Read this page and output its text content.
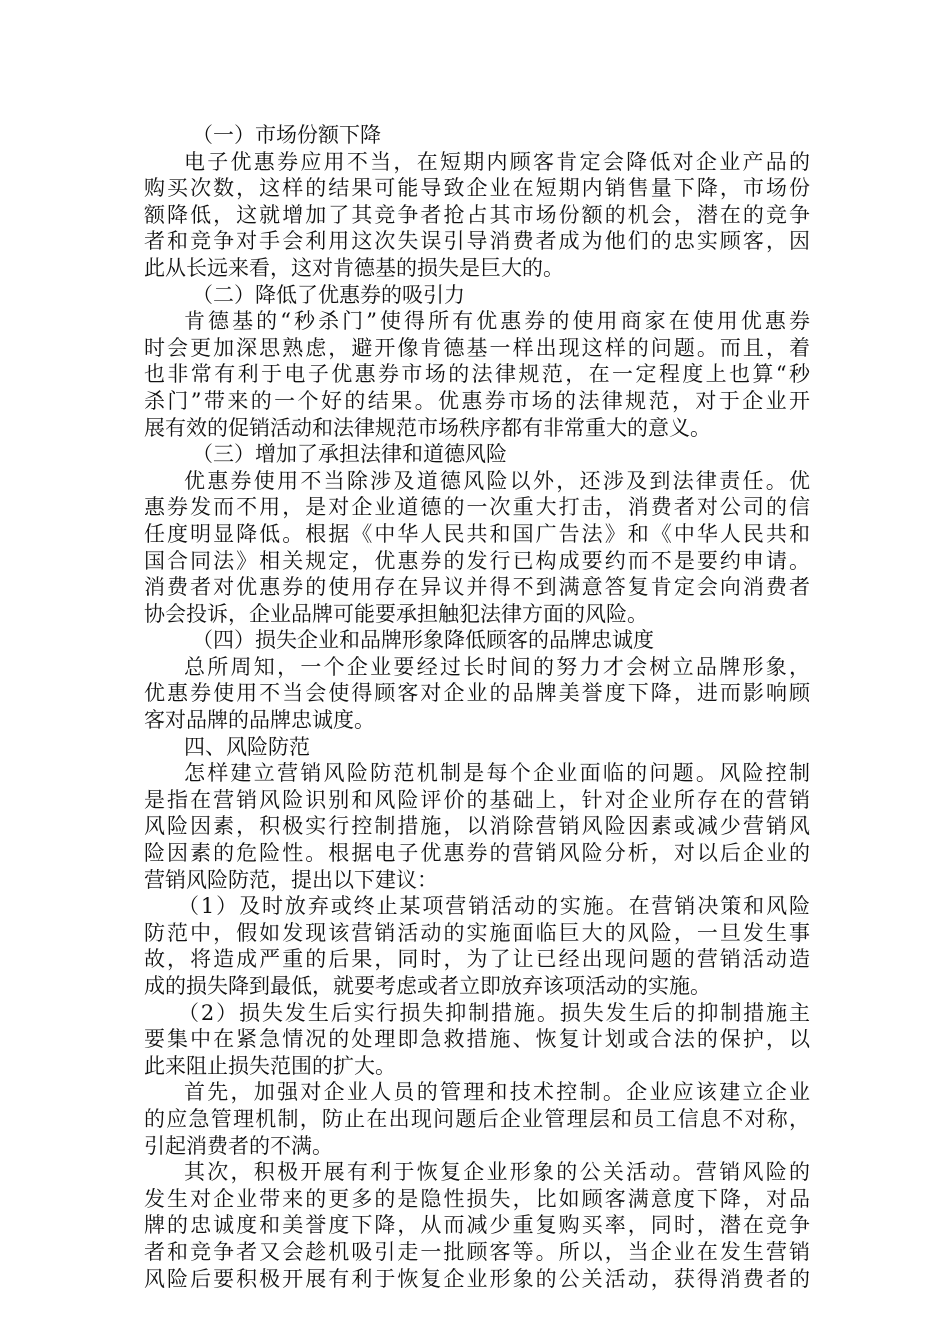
（一）市场份额下降
电子优惠券应用不当，在短期内顾客肯定会降低对企业产品的
购买次数，这样的结果可能导致企业在短期内销售量下降，市场份
额降低，这就增加了其竞争者抢占其市场份额的机会，潜在的竞争
者和竞争对手会利用这次失误引导消费者成为他们的忠实顾客，因
此从长远来看，这对肯德基的损失是巨大的。
（二）降低了优惠券的吸引力
肯德基的“秒杀门”使得所有优惠券的使用商家在使用优惠券
时会更加深思熟虑，避开像肯德基一样出现这样的问题。而且，着
也非常有利于电子优惠券市场的法律规范，在一定程度上也算“秒
杀门”带来的一个好的结果。优惠券市场的法律规范，对于企业开
展有效的促销活动和法律规范市场秩序都有非常重大的意义。
（三）增加了承担法律和道德风险
优惠券使用不当除涉及道德风险以外，还涉及到法律责任。优
惠券发而不用，是对企业道德的一次重大打击，消费者对公司的信
任度明显降低。根据《中华人民共和国广告法》和《中华人民共和
国合同法》相关规定，优惠券的发行已构成要约而不是要约申请。
消费者对优惠券的使用存在异议并得不到满意答复肯定会向消费者
协会投诉，企业品牌可能要承担触犯法律方面的风险。
（四）损失企业和品牌形象降低顾客的品牌忠诚度
总所周知，一个企业要经过长时间的努力才会树立品牌形象，
优惠券使用不当会使得顾客对企业的品牌美誉度下降，进而影响顾
客对品牌的品牌忠诚度。
四、风险防范
怎样建立营销风险防范机制是每个企业面临的问题。风险控制
是指在营销风险识别和风险评价的基础上，针对企业所存在的营销
风险因素，积极实行控制措施，以消除营销风险因素或减少营销风
险因素的危险性。根据电子优惠券的营销风险分析，对以后企业的
营销风险防范，提出以下建议：
（1）及时放弃或终止某项营销活动的实施。在营销决策和风险
防范中，假如发现该营销活动的实施面临巨大的风险，一旦发生事
故，将造成严重的后果，同时，为了让已经出现问题的营销活动造
成的损失降到最低，就要考虑或者立即放弃该项活动的实施。
（2）损失发生后实行损失抑制措施。损失发生后的抑制措施主
要集中在紧急情况的处理即急救措施、恢复计划或合法的保护，以
此来阻止损失范围的扩大。
首先，加强对企业人员的管理和技术控制。企业应该建立企业
的应急管理机制，防止在出现问题后企业管理层和员工信息不对称，
引起消费者的不满。
其次，积极开展有利于恢复企业形象的公关活动。营销风险的
发生对企业带来的更多的是隐性损失，比如顾客满意度下降，对品
牌的忠诚度和美誉度下降，从而减少重复购买率，同时，潜在竞争
者和竞争者又会趁机吸引走一批顾客等。所以，当企业在发生营销
风险后要积极开展有利于恢复企业形象的公关活动，获得消费者的
